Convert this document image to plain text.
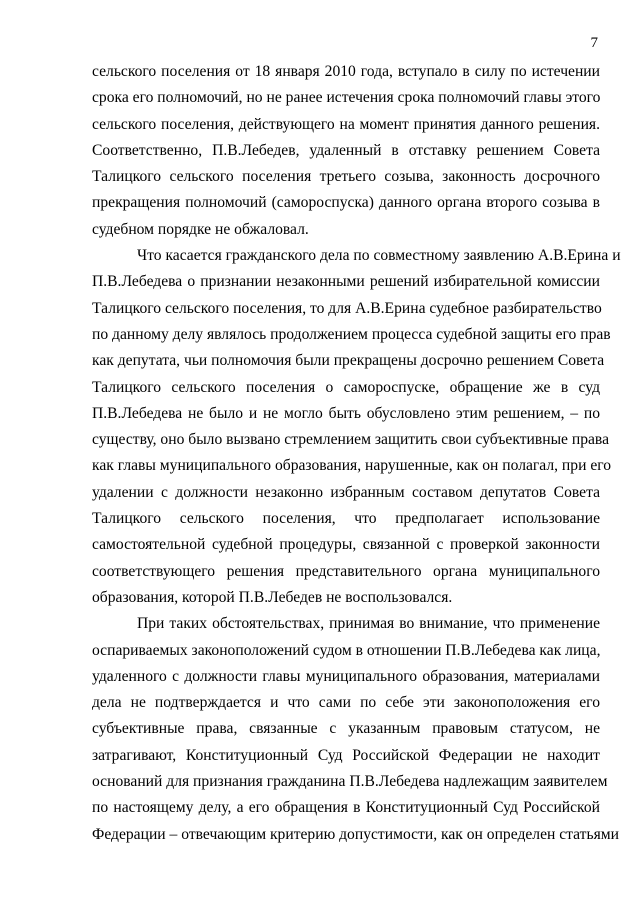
7
сельского поселения от 18 января 2010 года, вступало в силу по истечении
срока его полномочий, но не ранее истечения срока полномочий главы этого
сельского поселения, действующего на момент принятия данного решения.
Соответственно, П.В.Лебедев, удаленный в отставку решением Совета
Талицкого сельского поселения третьего созыва, законность досрочного
прекращения полномочий (самороспуска) данного органа второго созыва в
судебном порядке не обжаловал.
Что касается гражданского дела по совместному заявлению А.В.Ерина и
П.В.Лебедева о признании незаконными решений избирательной комиссии
Талицкого сельского поселения, то для А.В.Ерина судебное разбирательство
по данному делу являлось продолжением процесса судебной защиты его прав
как депутата, чьи полномочия были прекращены досрочно решением Совета
Талицкого сельского поселения о самороспуске, обращение же в суд
П.В.Лебедева не было и не могло быть обусловлено этим решением, – по
существу, оно было вызвано стремлением защитить свои субъективные права
как главы муниципального образования, нарушенные, как он полагал, при его
удалении с должности незаконно избранным составом депутатов Совета
Талицкого сельского поселения, что предполагает использование
самостоятельной судебной процедуры, связанной с проверкой законности
соответствующего решения представительного органа муниципального
образования, которой П.В.Лебедев не воспользовался.
При таких обстоятельствах, принимая во внимание, что применение
оспариваемых законоположений судом в отношении П.В.Лебедева как лица,
удаленного с должности главы муниципального образования, материалами
дела не подтверждается и что сами по себе эти законоположения его
субъективные права, связанные с указанным правовым статусом, не
затрагивают, Конституционный Суд Российской Федерации не находит
оснований для признания гражданина П.В.Лебедева надлежащим заявителем
по настоящему делу, а его обращения в Конституционный Суд Российской
Федерации – отвечающим критерию допустимости, как он определен статьями
